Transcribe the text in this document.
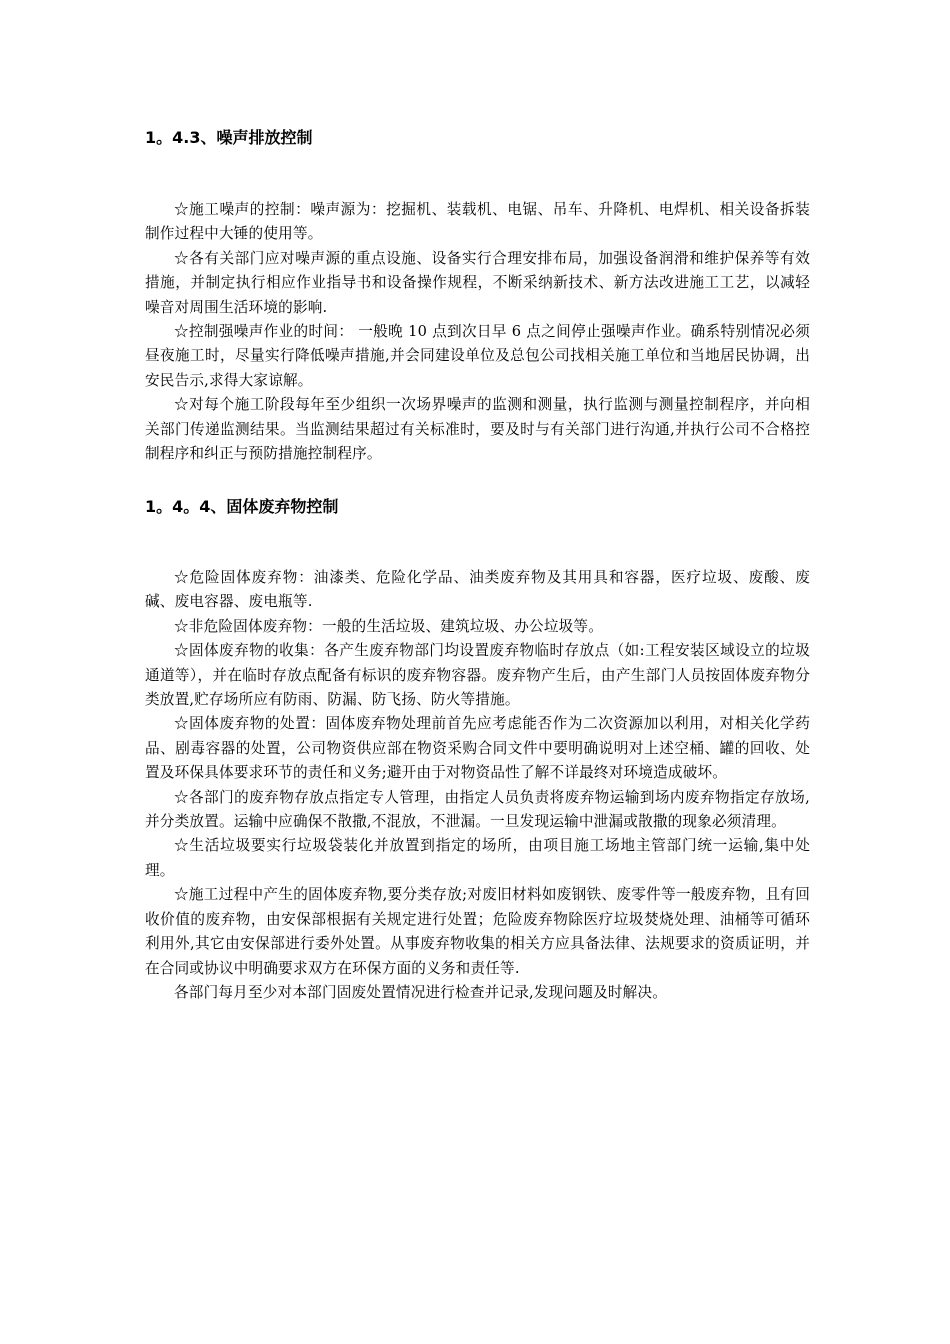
1。4.3、噪声排放控制

☆施工噪声的控制：噪声源为：挖掘机、装载机、电锯、吊车、升降机、电焊机、相关设备拆装制作过程中大锤的使用等。

☆各有关部门应对噪声源的重点设施、设备实行合理安排布局，加强设备润滑和维护保养等有效措施，并制定执行相应作业指导书和设备操作规程，不断采纳新技术、新方法改进施工工艺，以减轻噪音对周围生活环境的影响.

☆控制强噪声作业的时间： 一般晚 10 点到次日早 6 点之间停止强噪声作业。确系特别情况必须昼夜施工时，尽量实行降低噪声措施,并会同建设单位及总包公司找相关施工单位和当地居民协调，出安民告示,求得大家谅解。

☆对每个施工阶段每年至少组织一次场界噪声的监测和测量，执行监测与测量控制程序，并向相关部门传递监测结果。当监测结果超过有关标准时，要及时与有关部门进行沟通,并执行公司不合格控制程序和纠正与预防措施控制程序。

1。4。4、固体废弃物控制

☆危险固体废弃物：油漆类、危险化学品、油类废弃物及其用具和容器，医疗垃圾、废酸、废碱、废电容器、废电瓶等.

☆非危险固体废弃物：一般的生活垃圾、建筑垃圾、办公垃圾等。

☆固体废弃物的收集：各产生废弃物部门均设置废弃物临时存放点（如:工程安装区域设立的垃圾通道等），并在临时存放点配备有标识的废弃物容器。废弃物产生后，由产生部门人员按固体废弃物分类放置,贮存场所应有防雨、防漏、防飞扬、防火等措施。

☆固体废弃物的处置：固体废弃物处理前首先应考虑能否作为二次资源加以利用，对相关化学药品、剧毒容器的处置，公司物资供应部在物资采购合同文件中要明确说明对上述空桶、罐的回收、处置及环保具体要求环节的责任和义务;避开由于对物资品性了解不详最终对环境造成破坏。

☆各部门的废弃物存放点指定专人管理，由指定人员负责将废弃物运输到场内废弃物指定存放场,并分类放置。运输中应确保不散撒,不混放，不泄漏。一旦发现运输中泄漏或散撒的现象必须清理。

☆生活垃圾要实行垃圾袋装化并放置到指定的场所，由项目施工场地主管部门统一运输,集中处理。

☆施工过程中产生的固体废弃物,要分类存放;对废旧材料如废钢铁、废零件等一般废弃物，且有回收价值的废弃物，由安保部根据有关规定进行处置；危险废弃物除医疗垃圾焚烧处理、油桶等可循环利用外,其它由安保部进行委外处置。从事废弃物收集的相关方应具备法律、法规要求的资质证明，并在合同或协议中明确要求双方在环保方面的义务和责任等.

各部门每月至少对本部门固废处置情况进行检查并记录,发现问题及时解决。
